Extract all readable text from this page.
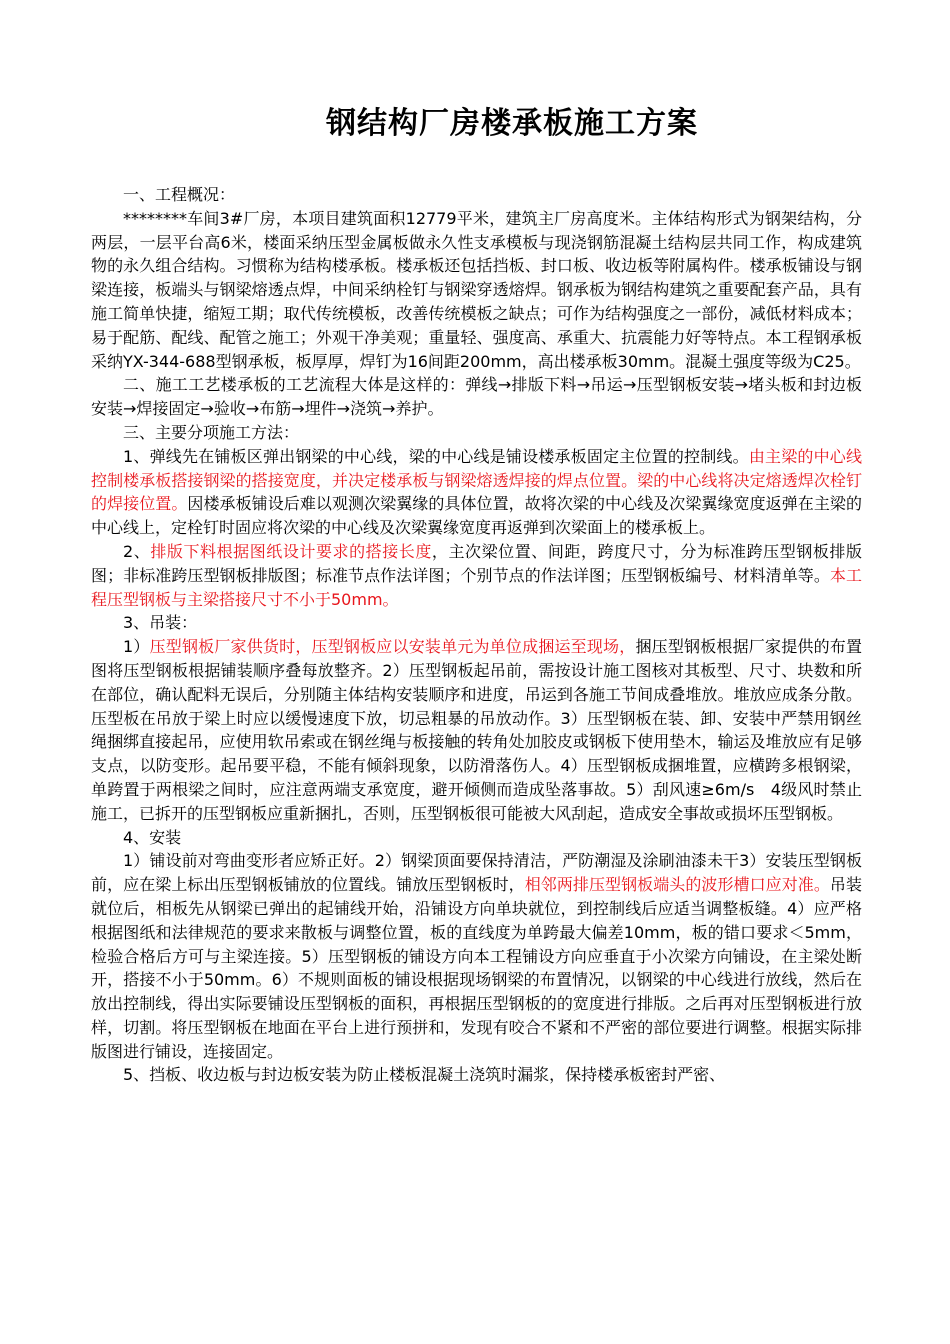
钢结构厂房楼承板施工方案

一、工程概况：

********车间3#厂房，本项目建筑面积12779平米，建筑主厂房高度米。主体结构形式为钢架结构，分两层，一层平台高6米，楼面采纳压型金属板做永久性支承模板与现浇钢筋混凝土结构层共同工作，构成建筑物的永久组合结构。习惯称为结构楼承板。楼承板还包括挡板、封口板、收边板等附属构件。楼承板铺设与钢梁连接，板端头与钢梁熔透点焊，中间采纳栓钉与钢梁穿透熔焊。钢承板为钢结构建筑之重要配套产品，具有施工简单快捷，缩短工期；取代传统模板，改善传统模板之缺点；可作为结构强度之一部份，减低材料成本；易于配筋、配线、配管之施工；外观干净美观；重量轻、强度高、承重大、抗震能力好等特点。本工程钢承板采纳YX-344-688型钢承板，板厚厚，焊钉为16间距200mm，高出楼承板30mm。混凝土强度等级为C25。

二、施工工艺楼承板的工艺流程大体是这样的：弹线→排版下料→吊运→压型钢板安装→堵头板和封边板安装→焊接固定→验收→布筋→埋件→浇筑→养护。

三、主要分项施工方法：

1、弹线先在铺板区弹出钢梁的中心线，梁的中心线是铺设楼承板固定主位置的控制线。由主梁的中心线控制楼承板搭接钢梁的搭接宽度，并决定楼承板与钢梁熔透焊接的焊点位置。梁的中心线将决定熔透焊次栓钉的焊接位置。因楼承板铺设后难以观测次梁翼缘的具体位置，故将次梁的中心线及次梁翼缘宽度返弹在主梁的中心线上，定栓钉时固应将次梁的中心线及次梁翼缘宽度再返弹到次梁面上的楼承板上。

2、排版下料根据图纸设计要求的搭接长度，主次梁位置、间距，跨度尺寸，分为标准跨压型钢板排版图；非标准跨压型钢板排版图；标准节点作法详图；个别节点的作法详图；压型钢板编号、材料清单等。本工程压型钢板与主梁搭接尺寸不小于50mm。

3、吊装：

1）压型钢板厂家供货时，压型钢板应以安装单元为单位成捆运至现场，捆压型钢板根据厂家提供的布置图将压型钢板根据铺装顺序叠每放整齐。2）压型钢板起吊前，需按设计施工图核对其板型、尺寸、块数和所在部位，确认配料无误后，分别随主体结构安装顺序和进度，吊运到各施工节间成叠堆放。堆放应成条分散。压型板在吊放于梁上时应以缓慢速度下放，切忌粗暴的吊放动作。3）压型钢板在装、卸、安装中严禁用钢丝绳捆绑直接起吊，应使用软吊索或在钢丝绳与板接触的转角处加胶皮或钢板下使用垫木，输运及堆放应有足够支点，以防变形。起吊要平稳，不能有倾斜现象，以防滑落伤人。4）压型钢板成捆堆置，应横跨多根钢梁，单跨置于两根梁之间时，应注意两端支承宽度，避开倾侧而造成坠落事故。5）刮风速≥6m/s　4级风时禁止施工，已拆开的压型钢板应重新捆扎，否则，压型钢板很可能被大风刮起，造成安全事故或损坏压型钢板。

4、安装

1）铺设前对弯曲变形者应矫正好。2）钢梁顶面要保持清洁，严防潮湿及涂刷油漆未干3）安装压型钢板前，应在梁上标出压型钢板铺放的位置线。铺放压型钢板时，相邻两排压型钢板端头的波形槽口应对准。吊装就位后，相板先从钢梁已弹出的起铺线开始，沿铺设方向单块就位，到控制线后应适当调整板缝。4）应严格根据图纸和法律规范的要求来散板与调整位置，板的直线度为单跨最大偏差10mm，板的错口要求＜5mm，检验合格后方可与主梁连接。5）压型钢板的铺设方向本工程铺设方向应垂直于小次梁方向铺设，在主梁处断开，搭接不小于50mm。6）不规则面板的铺设根据现场钢梁的布置情况，以钢梁的中心线进行放线，然后在放出控制线，得出实际要铺设压型钢板的面积，再根据压型钢板的的宽度进行排版。之后再对压型钢板进行放样，切割。将压型钢板在地面在平台上进行预拼和，发现有咬合不紧和不严密的部位要进行调整。根据实际排版图进行铺设，连接固定。

5、挡板、收边板与封边板安装为防止楼板混凝土浇筑时漏浆，保持楼承板密封严密、
